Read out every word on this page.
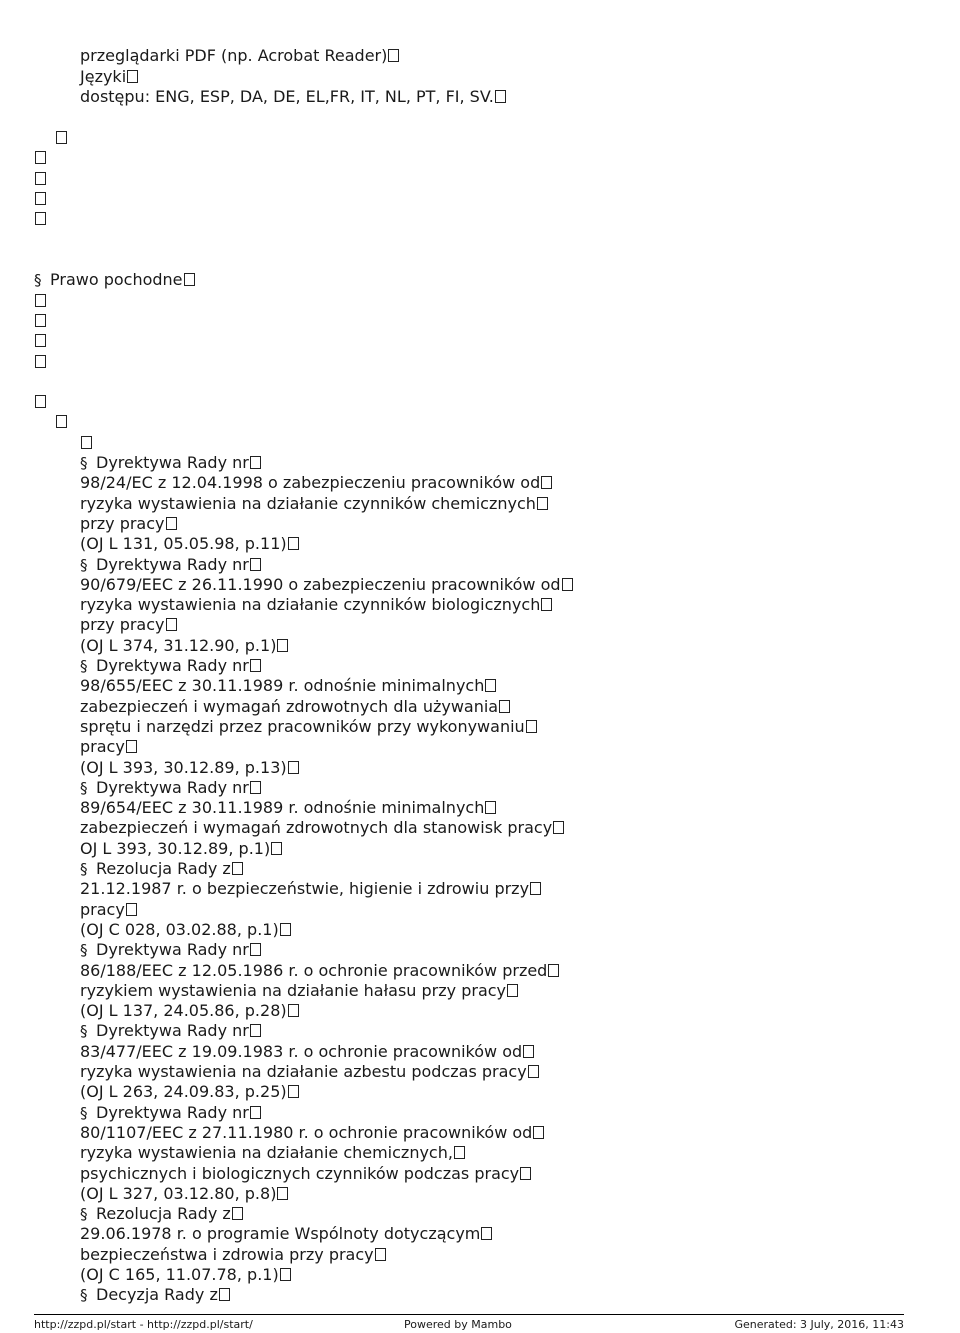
przeglądarki PDF (np. Acrobat Reader)
Języki
dostępu: ENG, ESP, DA, DE, EL,FR, IT, NL, PT, FI, SV.
§ Prawo pochodne
§ Dyrektywa Rady nr
98/24/EC z 12.04.1998 o zabezpieczeniu pracowników od
ryzyka wystawienia na działanie czynników chemicznych
przy pracy
(OJ L 131, 05.05.98, p.11)
§ Dyrektywa Rady nr
90/679/EEC z 26.11.1990 o zabezpieczeniu pracowników od
ryzyka wystawienia na działanie czynników biologicznych
przy pracy
(OJ L 374, 31.12.90, p.1)
§ Dyrektywa Rady nr
98/655/EEC z 30.11.1989 r. odnośnie minimalnych
zabezpieczeń i wymagań zdrowotnych dla używania
sprętu i narzędzi przez pracowników przy wykonywaniu
pracy
(OJ L 393, 30.12.89, p.13)
§ Dyrektywa Rady nr
89/654/EEC z 30.11.1989 r. odnośnie minimalnych
zabezpieczeń i wymagań zdrowotnych dla stanowisk pracy
OJ L 393, 30.12.89, p.1)
§ Rezolucja Rady z
21.12.1987 r. o bezpieczeństwie, higienie i zdrowiu przy
pracy
(OJ C 028, 03.02.88, p.1)
§ Dyrektywa Rady nr
86/188/EEC z 12.05.1986 r. o ochronie pracowników przed
ryzykiem wystawienia na działanie hałasu przy pracy
(OJ L 137, 24.05.86, p.28)
§ Dyrektywa Rady nr
83/477/EEC z 19.09.1983 r. o ochronie pracowników od
ryzyka wystawienia na działanie azbestu podczas pracy
(OJ L 263, 24.09.83, p.25)
§ Dyrektywa Rady nr
80/1107/EEC z 27.11.1980 r. o ochronie pracowników od
ryzyka wystawienia na działanie chemicznych,
psychicznych i biologicznych czynników podczas pracy
(OJ L 327, 03.12.80, p.8)
§ Rezolucja Rady z
29.06.1978 r. o programie Wspólnoty dotyczącym
bezpieczeństwa i zdrowia przy pracy
(OJ C 165, 11.07.78, p.1)
§ Decyzja Rady z
http://zzpd.pl/start - http://zzpd.pl/start/	Powered by Mambo	Generated: 3 July, 2016, 11:43
